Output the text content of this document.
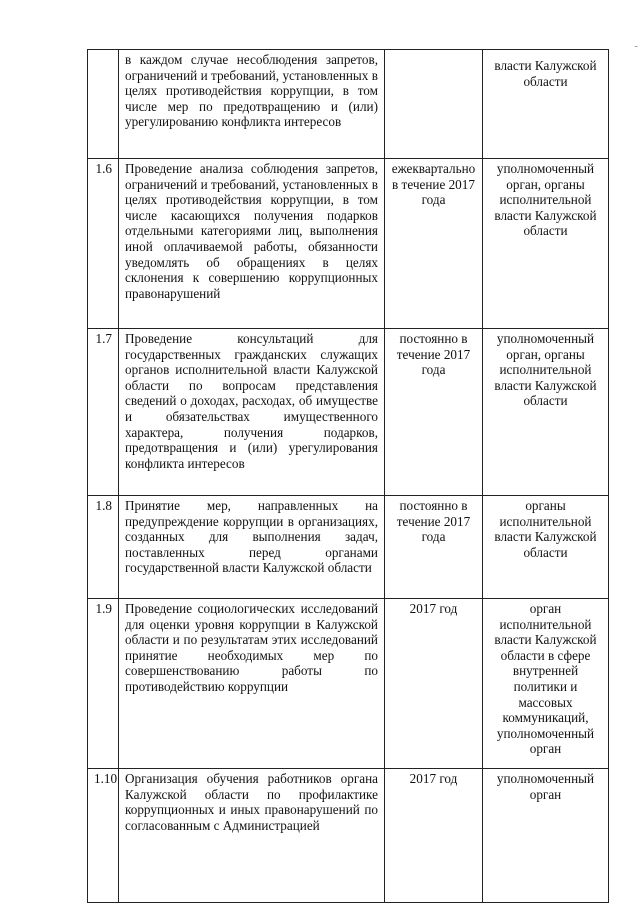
-
	в каждом случае несоблюдения запретов, ограничений и требований, установленных в целях противодействия коррупции, в том числе мер по предотвращению и (или) урегулированию конфликта интересов		власти Калужской области
1.6	Проведение анализа соблюдения запретов, ограничений и требований, установленных в целях противодействия коррупции, в том числе касающихся получения подарков отдельными категориями лиц, выполнения иной оплачиваемой работы, обязанности уведомлять об обращениях в целях склонения к совершению коррупционных правонарушений	ежеквартально в течение 2017 года	уполномоченный орган, органы исполнительной власти Калужской области
1.7	Проведение консультаций для государственных гражданских служащих органов исполнительной власти Калужской области по вопросам представления сведений о доходах, расходах, об имуществе и обязательствах имущественного характера, получения подарков, предотвращения и (или) урегулирования конфликта интересов	постоянно в течение 2017 года	уполномоченный орган, органы исполнительной власти Калужской области
1.8	Принятие мер, направленных на предупреждение коррупции в организациях, созданных для выполнения задач, поставленных перед органами государственной власти Калужской области	постоянно в течение 2017 года	органы исполнительной власти Калужской области
1.9	Проведение социологических исследований для оценки уровня коррупции в Калужской области и по результатам этих исследований принятие необходимых мер по совершенствованию работы по противодействию коррупции	2017 год	орган исполнительной власти Калужской области в сфере внутренней политики и массовых коммуникаций, уполномоченный орган
1.10	Организация обучения работников органа Калужской области по профилактике коррупционных и иных правонарушений по согласованным с Администрацией	2017 год	уполномоченный орган
